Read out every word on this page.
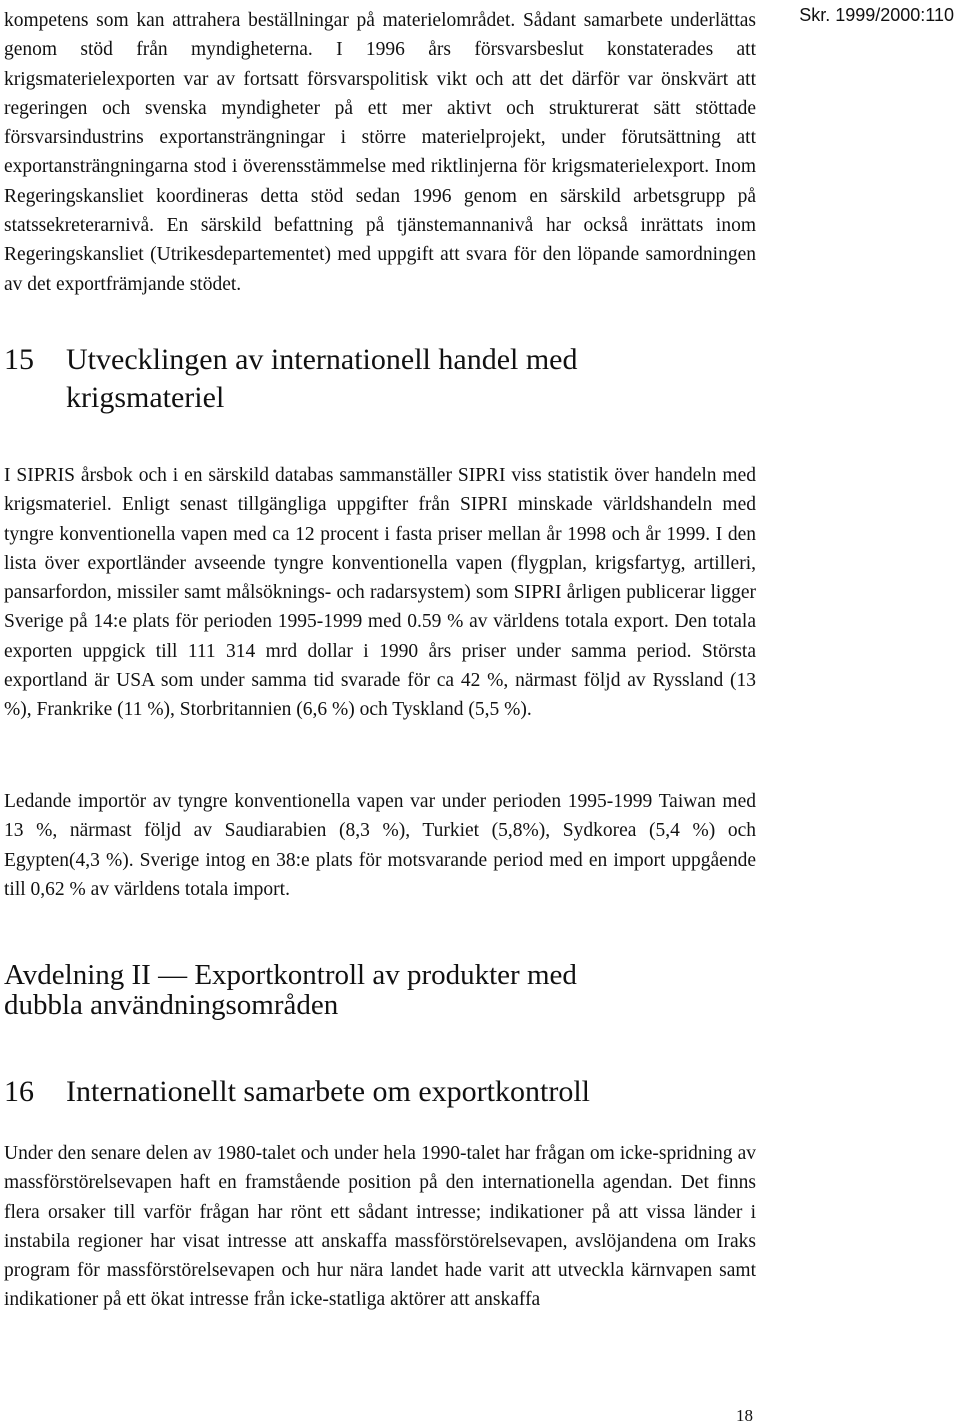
Skr. 1999/2000:110

kompetens som kan attrahera beställningar på materielområdet. Sådant samarbete underlättas genom stöd från myndigheterna. I 1996 års försvarsbeslut konstaterades att krigsmaterielexporten var av fortsatt försvarspolitisk vikt och att det därför var önskvärt att regeringen och svenska myndigheter på ett mer aktivt och strukturerat sätt stöttade försvarsindustrins exportansträngningar i större materielprojekt, under förutsättning att exportansträngningarna stod i överensstämmelse med riktlinjerna för krigsmaterielexport. Inom Regeringskansliet koordineras detta stöd sedan 1996 genom en särskild arbetsgrupp på statssekreterarnivå. En särskild befattning på tjänstemannanivå har också inrättats inom Regeringskansliet (Utrikesdepartementet) med uppgift att svara för den löpande samordningen av det exportfrämjande stödet.

15 Utvecklingen av internationell handel med
krigsmateriel

I SIPRIS årsbok och i en särskild databas sammanställer SIPRI viss statistik över handeln med krigsmateriel. Enligt senast tillgängliga uppgifter från SIPRI minskade världshandeln med tyngre konventionella vapen med ca 12 procent i fasta priser mellan år 1998 och år 1999. I den lista över exportländer avseende tyngre konventionella vapen (flygplan, krigsfartyg, artilleri, pansarfordon, missiler samt målsöknings- och radarsystem) som SIPRI årligen publicerar ligger Sverige på 14:e plats för perioden 1995-1999 med 0.59 % av världens totala export. Den totala exporten uppgick till 111 314 mrd dollar i 1990 års priser under samma period. Största exportland är USA som under samma tid svarade för ca 42 %, närmast följd av Ryssland (13 %), Frankrike (11 %), Storbritannien (6,6 %) och Tyskland (5,5 %).

Ledande importör av tyngre konventionella vapen var under perioden 1995-1999 Taiwan med 13 %, närmast följd av Saudiarabien (8,3 %), Turkiet (5,8%), Sydkorea (5,4 %) och Egypten(4,3 %). Sverige intog en 38:e plats för motsvarande period med en import uppgående till 0,62 % av världens totala import.

Avdelning II — Exportkontroll av produkter med
dubbla användningsområden
16 Internationellt samarbete om exportkontroll

Under den senare delen av 1980-talet och under hela 1990-talet har frågan om icke-spridning av massförstörelsevapen haft en framstående position på den internationella agendan. Det finns flera orsaker till varför frågan har rönt ett sådant intresse; indikationer på att vissa länder i instabila regioner har visat intresse att anskaffa massförstörelsevapen, avslöjandena om Iraks program för massförstörelsevapen och hur nära landet hade varit att utveckla kärnvapen samt indikationer på ett ökat intresse från icke-statliga aktörer att anskaffa

18
